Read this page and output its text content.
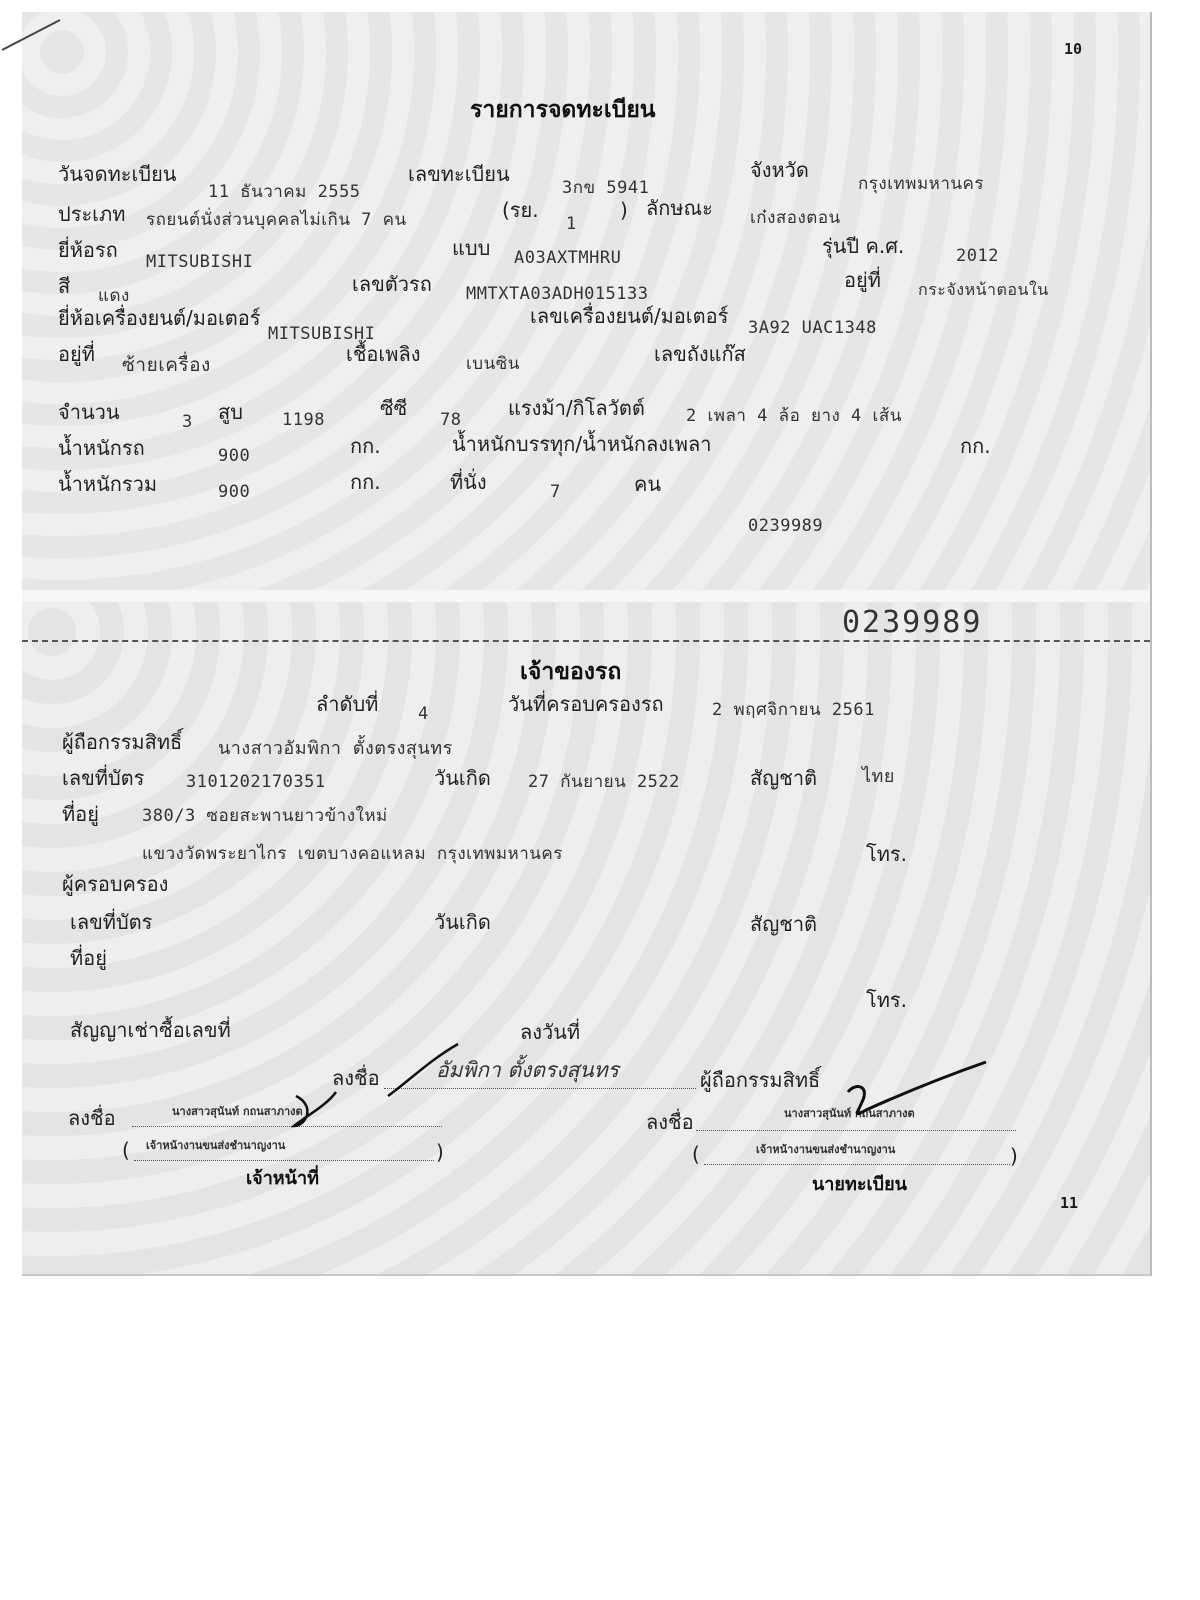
10
รายการจดทะเบียน
วันจดทะเบียน
11 ธันวาคม 2555
เลขทะเบียน
3กข 5941
จังหวัด
กรุงเทพมหานคร
ประเภท รถยนต์นั่งส่วนบุคคลไม่เกิน 7 คน	(รย.
1
) ลักษณะ เก๋งสองตอน
ยี่ห้อรถ MITSUBISHI
แบบ A03AXTMHRU	รุ่นปี ค.ศ.	2012
สี แดง	เลขตัวรถ MMTXTA03ADH015133
อยู่ที่ กระจังหน้าตอนใน
ยี่ห้อเครื่องยนต์/มอเตอร์
MITSUBISHI
เลขเครื่องยนต์/มอเตอร์ 3A92 UAC1348
อยู่ที่ ซ้ายเครื่อง	เชื้อเพลิง	เบนซิน	เลขถังแก๊ส
จำนวน	3 สูบ 1198	ซีซี 78 แรงม้า/กิโลวัตต์ 2 เพลา 4 ล้อ ยาง 4 เส้น
น้ำหนักรถ	900	กก.	น้ำหนักบรรทุก/น้ำหนักลงเพลา	กก.
น้ำหนักรวม	900	กก.	ที่นั่ง	7	คน
0239989
0239989
เจ้าของรถ
ลำดับที่ 4	วันที่ครอบครองรถ	2 พฤศจิกายน 2561
ผู้ถือกรรมสิทธิ์ นางสาวอัมพิกา ตั้งตรงสุนทร
เลขที่บัตร 3101202170351	วันเกิด 27 กันยายน 2522	สัญชาติ ไทย
ที่อยู่	380/3 ซอยสะพานยาวข้างใหม่
แขวงวัดพระยาไกร เขตบางคอแหลม กรุงเทพมหานคร	โทร.
ผู้ครอบครอง
เลขที่บัตร	วันเกิด	สัญชาติ
ที่อยู่
โทร.
สัญญาเช่าซื้อเลขที่	ลงวันที่
ลงชื่อ	อัมพิกา ตั้งตรงสุนทร	ผู้ถือกรรมสิทธิ์
ลงชื่อ	นางสาวสุนันท์ กถนสาภางต
( เจ้าหน้างานขนส่งชำนาญงาน	)
เจ้าหน้าที่
ลงชื่อ	นางสาวสุนันท์ กถนสาภางต
(	เจ้าหน้างานขนส่งชำนาญงาน	)
นายทะเบียน
11
